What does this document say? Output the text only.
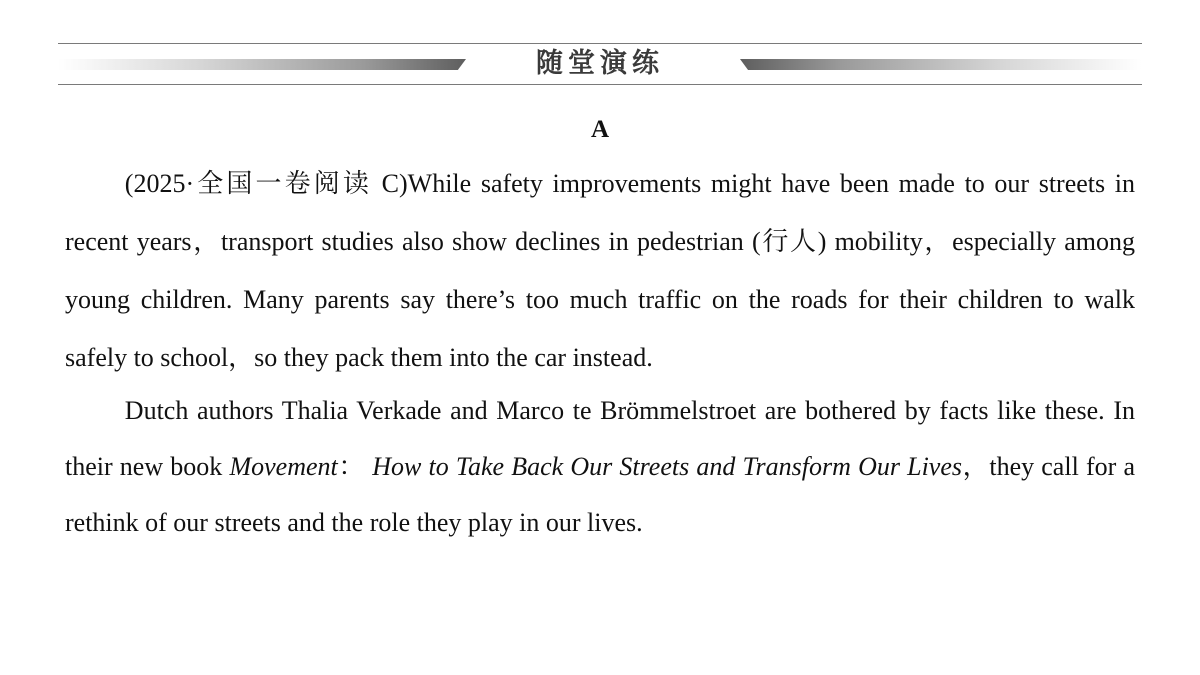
随堂演练
A

(2025·全国一卷阅读 C)While safety improvements might have been made to our streets in recent years，transport studies also show declines in pedestrian (行人) mobility，especially among young children. Many parents say there’s too much traffic on the roads for their children to walk safely to school，so they pack them into the car instead.

Dutch authors Thalia Verkade and Marco te Brömmelstroet are bothered by facts like these. In their new book Movement： How to Take Back Our Streets and Transform Our Lives，they call for a rethink of our streets and the role they play in our lives.
